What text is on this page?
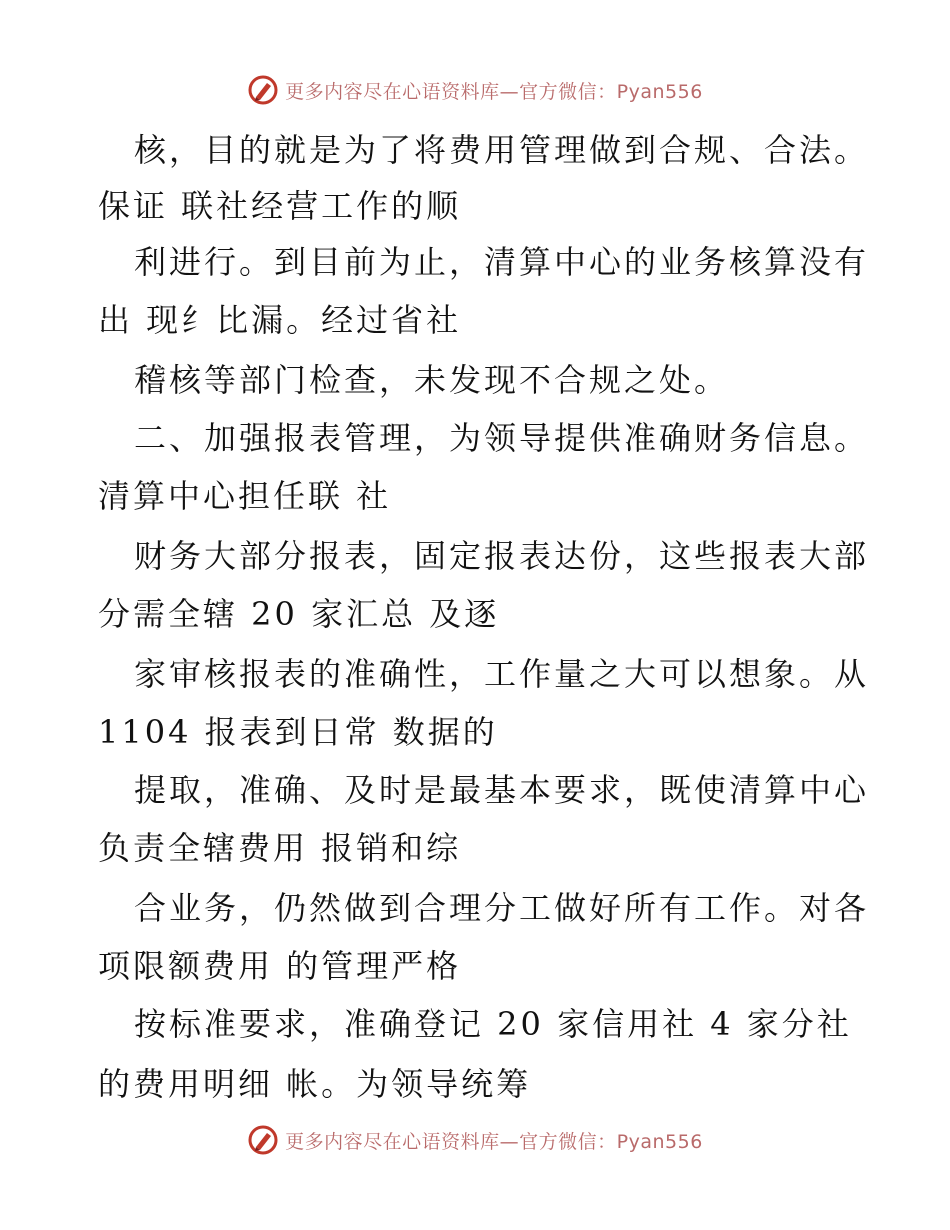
更多内容尽在心语资料库—官方微信：Pyan556
核，目的就是为了将费用管理做到合规、合法。
保证 联社经营工作的顺
利进行。到目前为止，清算中心的业务核算没有
出 现纟比漏。经过省社
稽核等部门检查，未发现不合规之处。
二、加强报表管理，为领导提供准确财务信息。
清算中心担任联 社
财务大部分报表，固定报表达份，这些报表大部
分需全辖 20 家汇总 及逐
家审核报表的准确性，工作量之大可以想象。从
1104 报表到日常 数据的
提取，准确、及时是最基本要求，既使清算中心
负责全辖费用 报销和综
合业务，仍然做到合理分工做好所有工作。对各
项限额费用 的管理严格
按标准要求，准确登记 20 家信用社 4 家分社
的费用明细 帐。为领导统筹
更多内容尽在心语资料库—官方微信：Pyan556
